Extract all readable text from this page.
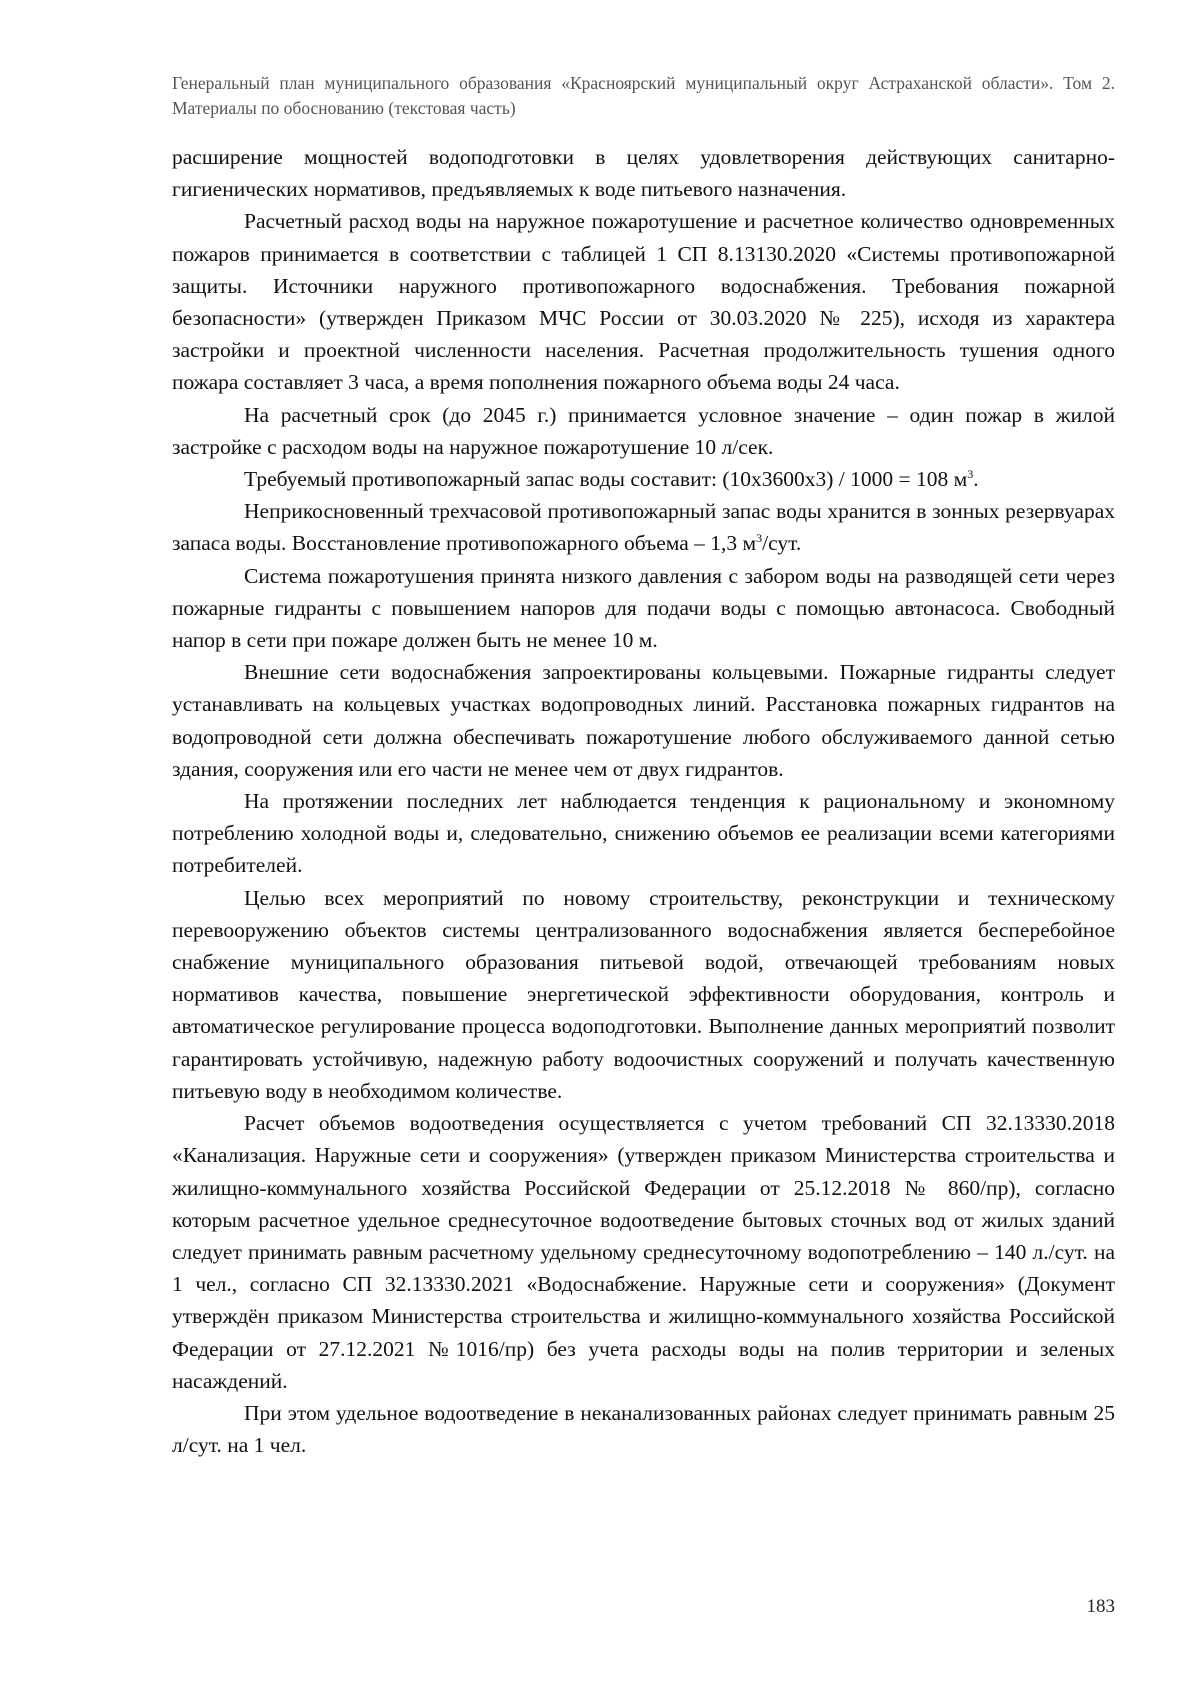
Генеральный план муниципального образования «Красноярский муниципальный округ Астраханской области». Том 2. Материалы по обоснованию (текстовая часть)

расширение мощностей водоподготовки в целях удовлетворения действующих санитарно-гигиенических нормативов, предъявляемых к воде питьевого назначения.

Расчетный расход воды на наружное пожаротушение и расчетное количество одновременных пожаров принимается в соответствии с таблицей 1 СП 8.13130.2020 «Системы противопожарной защиты. Источники наружного противопожарного водоснабжения. Требования пожарной безопасности» (утвержден Приказом МЧС России от 30.03.2020 № 225), исходя из характера застройки и проектной численности населения. Расчетная продолжительность тушения одного пожара составляет 3 часа, а время пополнения пожарного объема воды 24 часа.

На расчетный срок (до 2045 г.) принимается условное значение – один пожар в жилой застройке с расходом воды на наружное пожаротушение 10 л/сек.

Требуемый противопожарный запас воды составит: (10х3600х3) / 1000 = 108 $м^3$.

Неприкосновенный трехчасовой противопожарный запас воды хранится в зонных резервуарах запаса воды. Восстановление противопожарного объема – 1,3 $м^3$/сут.

Система пожаротушения принята низкого давления с забором воды на разводящей сети через пожарные гидранты с повышением напоров для подачи воды с помощью автонасоса. Свободный напор в сети при пожаре должен быть не менее 10 м.

Внешние сети водоснабжения запроектированы кольцевыми. Пожарные гидранты следует устанавливать на кольцевых участках водопроводных линий. Расстановка пожарных гидрантов на водопроводной сети должна обеспечивать пожаротушение любого обслуживаемого данной сетью здания, сооружения или его части не менее чем от двух гидрантов.

На протяжении последних лет наблюдается тенденция к рациональному и экономному потреблению холодной воды и, следовательно, снижению объемов ее реализации всеми категориями потребителей.

Целью всех мероприятий по новому строительству, реконструкции и техническому перевооружению объектов системы централизованного водоснабжения является бесперебойное снабжение муниципального образования питьевой водой, отвечающей требованиям новых нормативов качества, повышение энергетической эффективности оборудования, контроль и автоматическое регулирование процесса водоподготовки. Выполнение данных мероприятий позволит гарантировать устойчивую, надежную работу водоочистных сооружений и получать качественную питьевую воду в необходимом количестве.

Расчет объемов водоотведения осуществляется с учетом требований СП 32.13330.2018 «Канализация. Наружные сети и сооружения» (утвержден приказом Министерства строительства и жилищно-коммунального хозяйства Российской Федерации от 25.12.2018 № 860/пр), согласно которым расчетное удельное среднесуточное водоотведение бытовых сточных вод от жилых зданий следует принимать равным расчетному удельному среднесуточному водопотреблению – 140 л./сут. на 1 чел., согласно СП 32.13330.2021 «Водоснабжение. Наружные сети и сооружения» (Документ утверждён приказом Министерства строительства и жилищно-коммунального хозяйства Российской Федерации от 27.12.2021 №1016/пр) без учета расходы воды на полив территории и зеленых насаждений.

При этом удельное водоотведение в неканализованных районах следует принимать равным 25 л/сут. на 1 чел.

183
